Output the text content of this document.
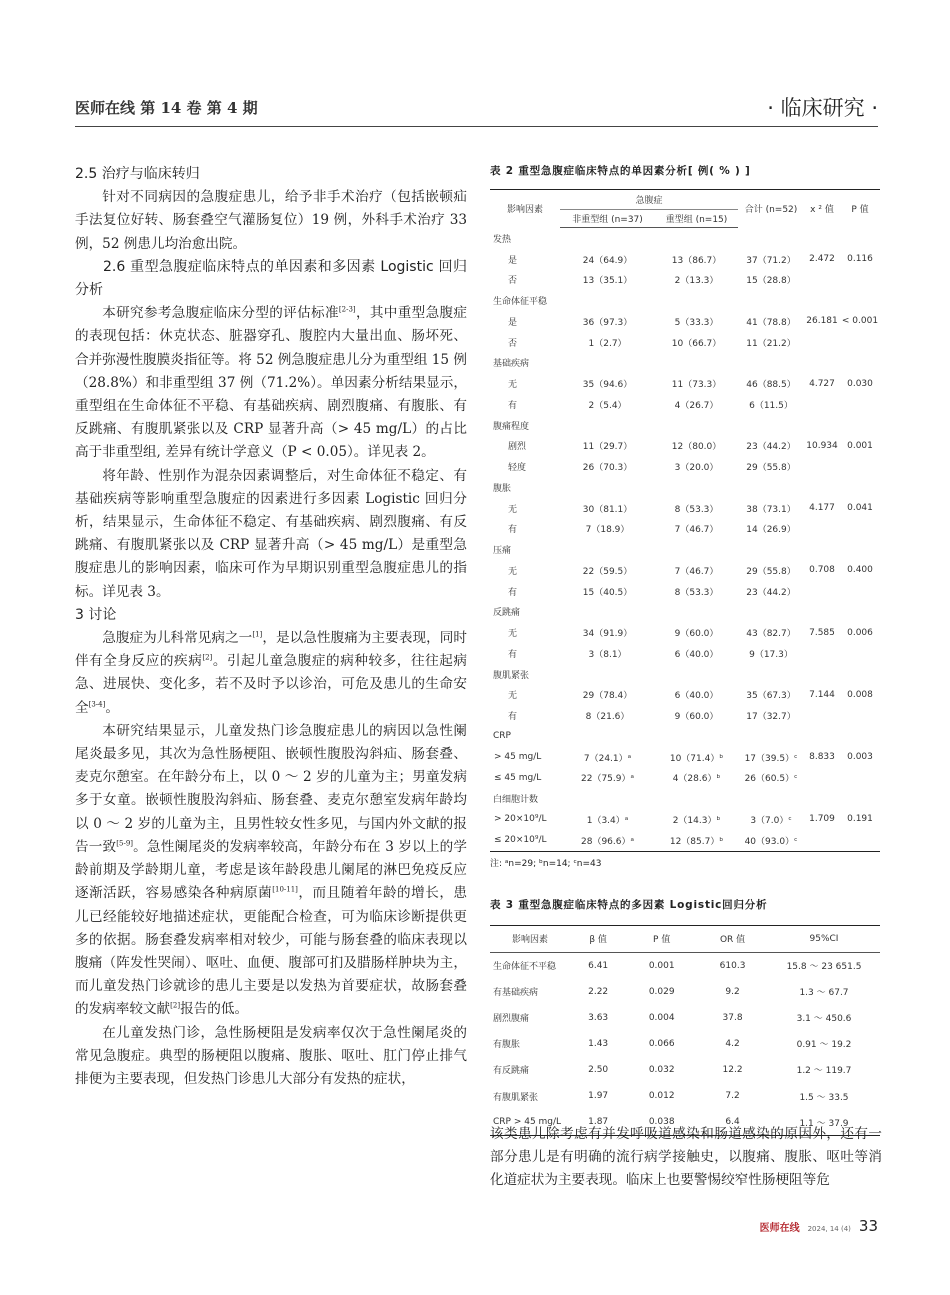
医师在线 第 14 卷 第 4 期	· 临床研究 ·
2.5 治疗与临床转归

针对不同病因的急腹症患儿，给予非手术治疗（包括嵌顿疝手法复位好转、肠套叠空气灌肠复位）19 例，外科手术治疗 33 例，52 例患儿均治愈出院。

2.6 重型急腹症临床特点的单因素和多因素 Logistic 回归分析

本研究参考急腹症临床分型的评估标准[2-3]，其中重型急腹症的表现包括：休克状态、脏器穿孔、腹腔内大量出血、肠坏死、合并弥漫性腹膜炎指征等。将 52 例急腹症患儿分为重型组 15 例（28.8%）和非重型组 37 例（71.2%）。单因素分析结果显示，重型组在生命体征不平稳、有基础疾病、剧烈腹痛、有腹胀、有反跳痛、有腹肌紧张以及 CRP 显著升高（> 45 mg/L）的占比高于非重型组, 差异有统计学意义（P < 0.05）。详见表 2。

将年龄、性别作为混杂因素调整后，对生命体征不稳定、有基础疾病等影响重型急腹症的因素进行多因素 Logistic 回归分析，结果显示，生命体征不稳定、有基础疾病、剧烈腹痛、有反跳痛、有腹肌紧张以及 CRP 显著升高（> 45 mg/L）是重型急腹症患儿的影响因素，临床可作为早期识别重型急腹症患儿的指标。详见表 3。

3 讨论

急腹症为儿科常见病之一[1]，是以急性腹痛为主要表现，同时伴有全身反应的疾病[2]。引起儿童急腹症的病种较多，往往起病急、进展快、变化多，若不及时予以诊治，可危及患儿的生命安全[3-4]。

本研究结果显示，儿童发热门诊急腹症患儿的病因以急性阑尾炎最多见，其次为急性肠梗阻、嵌顿性腹股沟斜疝、肠套叠、麦克尔憩室。在年龄分布上，以 0 ～ 2 岁的儿童为主；男童发病多于女童。嵌顿性腹股沟斜疝、肠套叠、麦克尔憩室发病年龄均以 0 ～ 2 岁的儿童为主，且男性较女性多见，与国内外文献的报告一致[5-9]。急性阑尾炎的发病率较高，年龄分布在 3 岁以上的学龄前期及学龄期儿童，考虑是该年龄段患儿阑尾的淋巴免疫反应逐渐活跃，容易感染各种病原菌[10-11]，而且随着年龄的增长，患儿已经能较好地描述症状，更能配合检查，可为临床诊断提供更多的依据。肠套叠发病率相对较少，可能与肠套叠的临床表现以腹痛（阵发性哭闹）、呕吐、血便、腹部可扪及腊肠样肿块为主，而儿童发热门诊就诊的患儿主要是以发热为首要症状，故肠套叠的发病率较文献[2]报告的低。

在儿童发热门诊，急性肠梗阻是发病率仅次于急性阑尾炎的常见急腹症。典型的肠梗阻以腹痛、腹胀、呕吐、肛门停止排气排便为主要表现，但发热门诊患儿大部分有发热的症状，

表 2 重型急腹症临床特点的单因素分析[ 例( % ) ]
影响因素	急腹症		合计 (n=52)	x ² 值	P 值
	非重型组 (n=37)	重型组 (n=15)			
发热					
是	24（64.9）	13（86.7）	37（71.2）	2.472	0.116
否	13（35.1）	2（13.3）	15（28.8）		
生命体征平稳					
是	36（97.3）	5（33.3）	41（78.8）	26.181	< 0.001
否	1（2.7）	10（66.7）	11（21.2）		
基础疾病					
无	35（94.6）	11（73.3）	46（88.5）	4.727	0.030
有	2（5.4）	4（26.7）	6（11.5）		
腹痛程度					
剧烈	11（29.7）	12（80.0）	23（44.2）	10.934	0.001
轻度	26（70.3）	3（20.0）	29（55.8）		
腹胀					
无	30（81.1）	8（53.3）	38（73.1）	4.177	0.041
有	7（18.9）	7（46.7）	14（26.9）		
压痛					
无	22（59.5）	7（46.7）	29（55.8）	0.708	0.400
有	15（40.5）	8（53.3）	23（44.2）		
反跳痛					
无	34（91.9）	9（60.0）	43（82.7）	7.585	0.006
有	3（8.1）	6（40.0）	9（17.3）		
腹肌紧张					
无	29（78.4）	6（40.0）	35（67.3）	7.144	0.008
有	8（21.6）	9（60.0）	17（32.7）		
CRP					
> 45 mg/L	7（24.1）ᵃ	10（71.4）ᵇ	17（39.5）ᶜ	8.833	0.003
≤ 45 mg/L	22（75.9）ᵃ	4（28.6）ᵇ	26（60.5）ᶜ		
白细胞计数					
> 20×10⁹/L	1（3.4）ᵃ	2（14.3）ᵇ	3（7.0）ᶜ	1.709	0.191
≤ 20×10⁹/L	28（96.6）ᵃ	12（85.7）ᵇ	40（93.0）ᶜ		
注: ᵃn=29; ᵇn=14; ᶜn=43
表 3 重型急腹症临床特点的多因素 Logistic回归分析
影响因素	β 值	P 值	OR 值	95%CI
生命体征不平稳	6.41	0.001	610.3	15.8 ～ 23 651.5
有基础疾病	2.22	0.029	9.2	1.3 ～ 67.7
剧烈腹痛	3.63	0.004	37.8	3.1 ～ 450.6
有腹胀	1.43	0.066	4.2	0.91 ～ 19.2
有反跳痛	2.50	0.032	12.2	1.2 ～ 119.7
有腹肌紧张	1.97	0.012	7.2	1.5 ～ 33.5
CRP > 45 mg/L	1.87	0.038	6.4	1.1 ～ 37.9

该类患儿除考虑有并发呼吸道感染和肠道感染的原因外，还有一部分患儿是有明确的流行病学接触史，以腹痛、腹胀、呕吐等消化道症状为主要表现。临床上也要警惕绞窄性肠梗阻等危

医师在线 2024, 14 (4) 33
